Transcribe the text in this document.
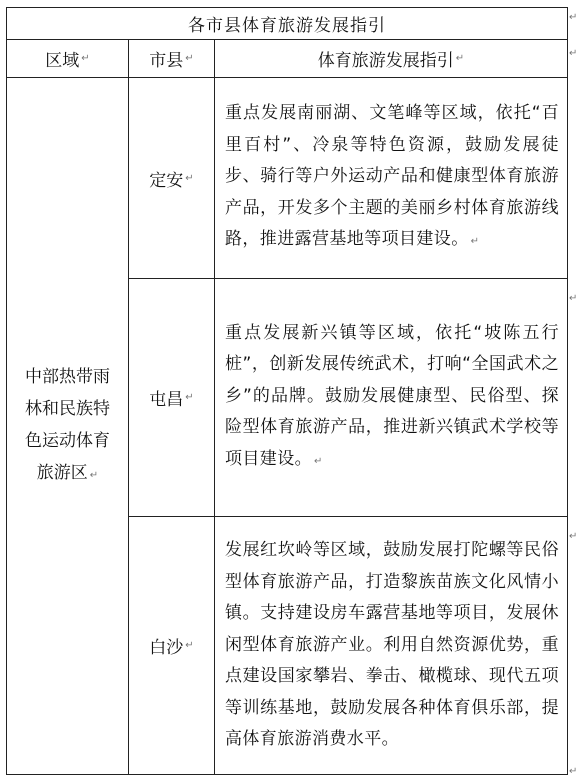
各市县体育旅游发展指引
区域 ↵	市县 ↵	体育旅游发展指引 ↵
中部热带雨林和民族特色运动体育旅游区 ↵
定安 ↵
重点发展南丽湖、文笔峰等区域，依托“百里百村”、冷泉等特色资源，鼓励发展徒步、骑行等户外运动产品和健康型体育旅游产品，开发多个主题的美丽乡村体育旅游线路，推进露营基地等项目建设。 ↵
屯昌 ↵
重点发展新兴镇等区域，依托“坡陈五行桩”，创新发展传统武术，打响“全国武术之乡”的品牌。鼓励发展健康型、民俗型、探险型体育旅游产品，推进新兴镇武术学校等项目建设。 ↵
白沙 ↵
发展红坎岭等区域，鼓励发展打陀螺等民俗型体育旅游产品，打造黎族苗族文化风情小镇。支持建设房车露营基地等项目，发展休闲型体育旅游产业。利用自然资源优势，重点建设国家攀岩、拳击、橄榄球、现代五项等训练基地，鼓励发展各种体育俱乐部，提高体育旅游消费水平。
↵
↵
↵
↵
↵
